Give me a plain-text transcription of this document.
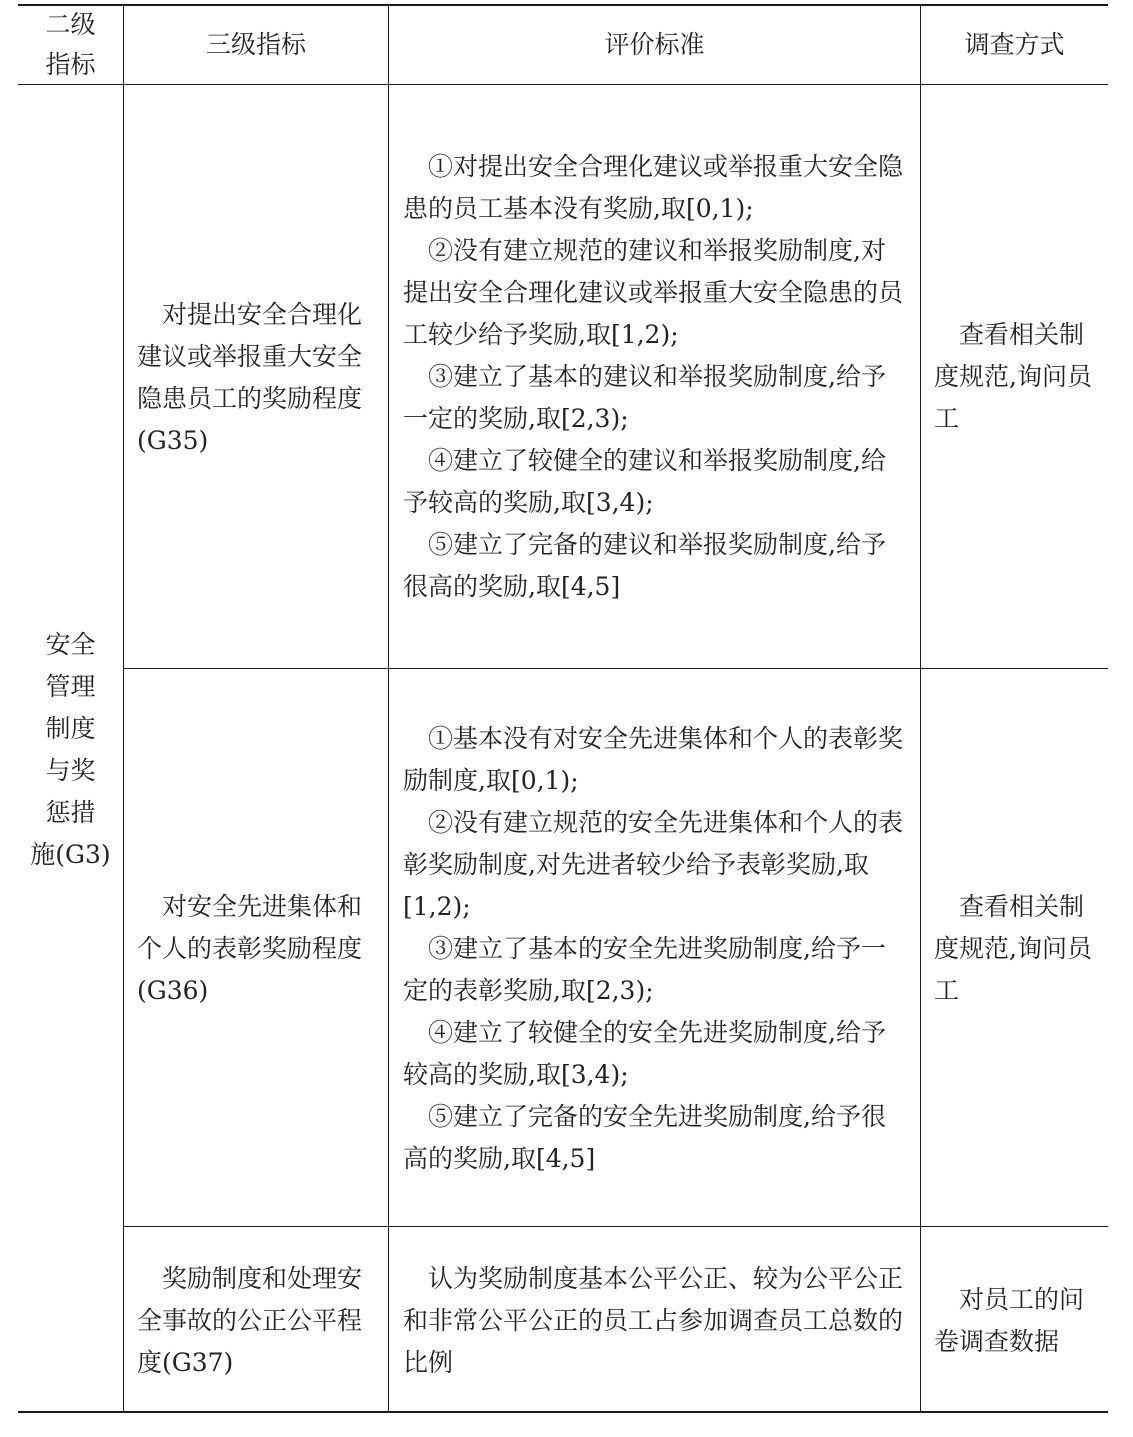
二级
指标
三级指标	评价标准	调查方式
安全
管理
制度
与奖
惩措
施(G3)
对提出安全合理化建议或举报重大安全隐患员工的奖励程度(G35)

①对提出安全合理化建议或举报重大安全隐患的员工基本没有奖励,取[0,1);

②没有建立规范的建议和举报奖励制度,对提出安全合理化建议或举报重大安全隐患的员工较少给予奖励,取[1,2);

③建立了基本的建议和举报奖励制度,给予一定的奖励,取[2,3);

④建立了较健全的建议和举报奖励制度,给予较高的奖励,取[3,4);

⑤建立了完备的建议和举报奖励制度,给予很高的奖励,取[4,5]

查看相关制度规范,询问员工
对安全先进集体和个人的表彰奖励程度(G36)

①基本没有对安全先进集体和个人的表彰奖励制度,取[0,1);

②没有建立规范的安全先进集体和个人的表彰奖励制度,对先进者较少给予表彰奖励,取[1,2);

③建立了基本的安全先进奖励制度,给予一定的表彰奖励,取[2,3);

④建立了较健全的安全先进奖励制度,给予较高的奖励,取[3,4);

⑤建立了完备的安全先进奖励制度,给予很高的奖励,取[4,5]

查看相关制度规范,询问员工
奖励制度和处理安全事故的公正公平程度(G37)

认为奖励制度基本公平公正、较为公平公正和非常公平公正的员工占参加调查员工总数的比例

对员工的问卷调查数据
